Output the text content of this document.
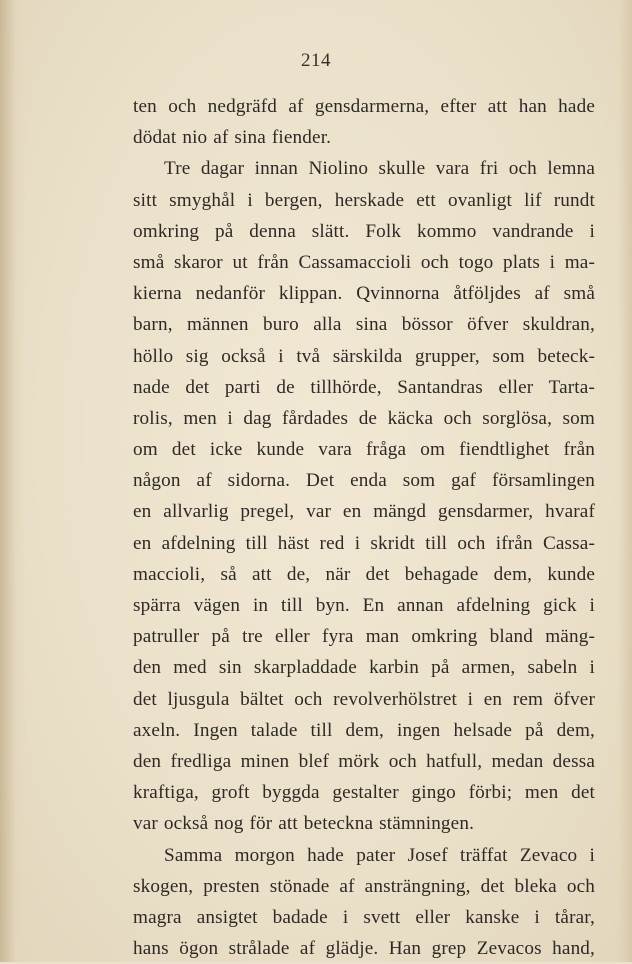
214
ten och nedgräfd af gensdarmerna, efter att han hade
dödat nio af sina fiender.
Tre dagar innan Niolino skulle vara fri och lemna
sitt smyghål i bergen, herskade ett ovanligt lif rundt
omkring på denna slätt. Folk kommo vandrande i
små skaror ut från Cassamaccioli och togo plats i ma-
kierna nedanför klippan. Qvinnorna åtföljdes af små
barn, männen buro alla sina bössor öfver skuldran,
höllo sig också i två särskilda grupper, som beteck-
nade det parti de tillhörde, Santandras eller Tarta-
rolis, men i dag fårdades de käcka och sorglösa, som
om det icke kunde vara fråga om fiendtlighet från
någon af sidorna. Det enda som gaf församlingen
en allvarlig pregel, var en mängd gensdarmer, hvaraf
en afdelning till häst red i skridt till och ifrån Cassa-
maccioli, så att de, när det behagade dem, kunde
spärra vägen in till byn. En annan afdelning gick i
patruller på tre eller fyra man omkring bland mäng-
den med sin skarpladdade karbin på armen, sabeln i
det ljusgula bältet och revolverhölstret i en rem öfver
axeln. Ingen talade till dem, ingen helsade på dem,
den fredliga minen blef mörk och hatfull, medan dessa
kraftiga, groft byggda gestalter gingo förbi; men det
var också nog för att beteckna stämningen.
Samma morgon hade pater Josef träffat Zevaco i
skogen, presten stönade af ansträngning, det bleka och
magra ansigtet badade i svett eller kanske i tårar,
hans ögon strålade af glädje. Han grep Zevacos hand,
